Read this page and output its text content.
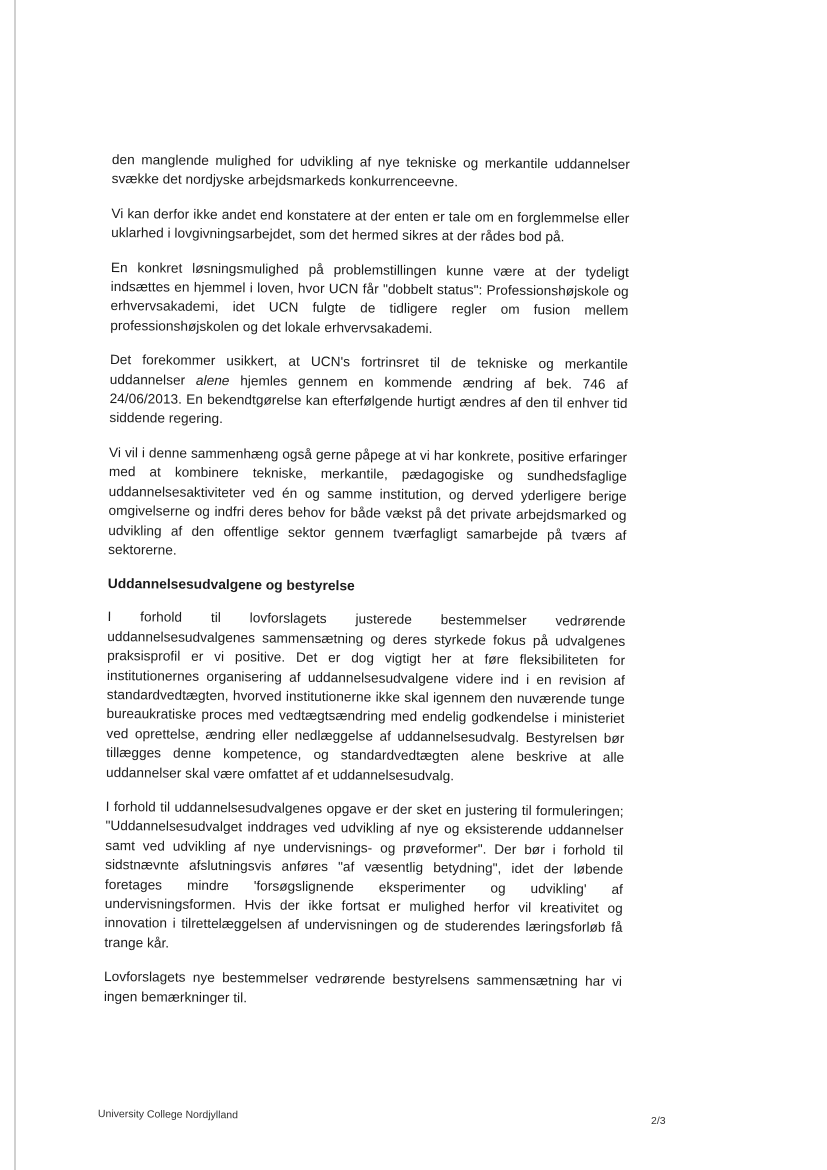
den manglende mulighed for udvikling af nye tekniske og merkantile uddannelser svække det nordjyske arbejdsmarkeds konkurrenceevne.

Vi kan derfor ikke andet end konstatere at der enten er tale om en forglemmelse eller uklarhed i lovgivningsarbejdet, som det hermed sikres at der rådes bod på.

En konkret løsningsmulighed på problemstillingen kunne være at der tydeligt indsættes en hjemmel i loven, hvor UCN får "dobbelt status": Professionshøjskole og erhvervsakademi, idet UCN fulgte de tidligere regler om fusion mellem professionshøjskolen og det lokale erhvervsakademi.

Det forekommer usikkert, at UCN's fortrinsret til de tekniske og merkantile uddannelser alene hjemles gennem en kommende ændring af bek. 746 af 24/06/2013. En bekendtgørelse kan efterfølgende hurtigt ændres af den til enhver tid siddende regering.

Vi vil i denne sammenhæng også gerne påpege at vi har konkrete, positive erfaringer med at kombinere tekniske, merkantile, pædagogiske og sundhedsfaglige uddannelsesaktiviteter ved én og samme institution, og derved yderligere berige omgivelserne og indfri deres behov for både vækst på det private arbejdsmarked og udvikling af den offentlige sektor gennem tværfagligt samarbejde på tværs af sektorerne.

Uddannelsesudvalgene og bestyrelse

I forhold til lovforslagets justerede bestemmelser vedrørende uddannelsesudvalgenes sammensætning og deres styrkede fokus på udvalgenes praksisprofil er vi positive. Det er dog vigtigt her at føre fleksibiliteten for institutionernes organisering af uddannelsesudvalgene videre ind i en revision af standardvedtægten, hvorved institutionerne ikke skal igennem den nuværende tunge bureaukratiske proces med vedtægtsændring med endelig godkendelse i ministeriet ved oprettelse, ændring eller nedlæggelse af uddannelsesudvalg. Bestyrelsen bør tillægges denne kompetence, og standardvedtægten alene beskrive at alle uddannelser skal være omfattet af et uddannelsesudvalg.

I forhold til uddannelsesudvalgenes opgave er der sket en justering til formuleringen; "Uddannelsesudvalget inddrages ved udvikling af nye og eksisterende uddannelser samt ved udvikling af nye undervisnings- og prøveformer". Der bør i forhold til sidstnævnte afslutningsvis anføres "af væsentlig betydning", idet der løbende foretages mindre 'forsøgslignende eksperimenter og udvikling' af undervisningsformen. Hvis der ikke fortsat er mulighed herfor vil kreativitet og innovation i tilrettelæggelsen af undervisningen og de studerendes læringsforløb få trange kår.

Lovforslagets nye bestemmelser vedrørende bestyrelsens sammensætning har vi ingen bemærkninger til.

University College Nordjylland	2/3
